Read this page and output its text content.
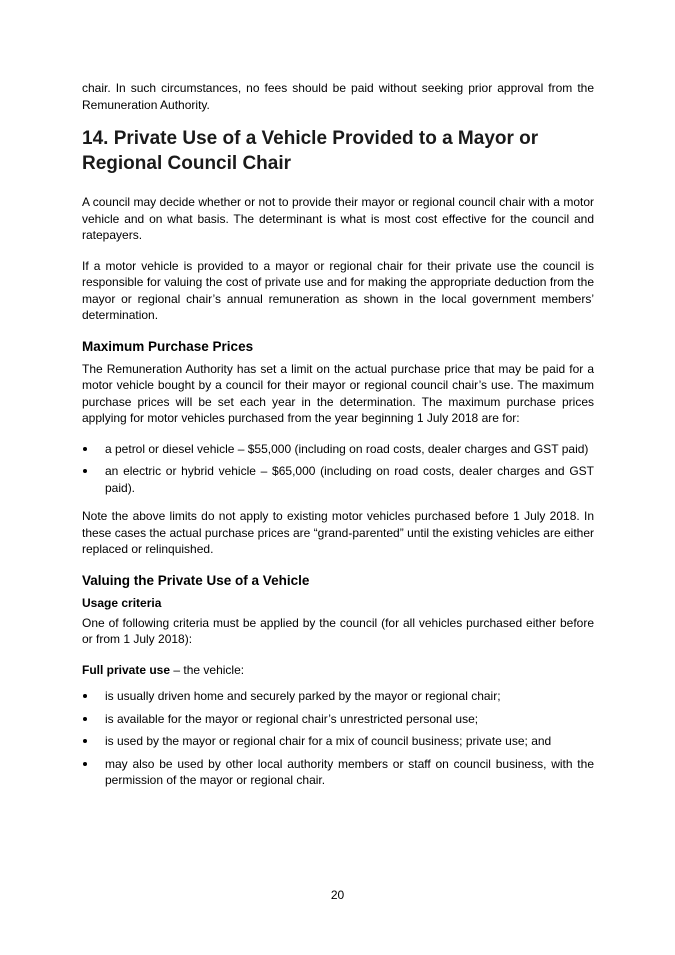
chair. In such circumstances, no fees should be paid without seeking prior approval from the Remuneration Authority.

14. Private Use of a Vehicle Provided to a Mayor or Regional Council Chair

A council may decide whether or not to provide their mayor or regional council chair with a motor vehicle and on what basis. The determinant is what is most cost effective for the council and ratepayers.

If a motor vehicle is provided to a mayor or regional chair for their private use the council is responsible for valuing the cost of private use and for making the appropriate deduction from the mayor or regional chair’s annual remuneration as shown in the local government members’ determination.

Maximum Purchase Prices

The Remuneration Authority has set a limit on the actual purchase price that may be paid for a motor vehicle bought by a council for their mayor or regional council chair’s use. The maximum purchase prices will be set each year in the determination. The maximum purchase prices applying for motor vehicles purchased from the year beginning 1 July 2018 are for:

a petrol or diesel vehicle – $55,000 (including on road costs, dealer charges and GST paid)
an electric or hybrid vehicle – $65,000 (including on road costs, dealer charges and GST paid).

Note the above limits do not apply to existing motor vehicles purchased before 1 July 2018. In these cases the actual purchase prices are “grand-parented” until the existing vehicles are either replaced or relinquished.

Valuing the Private Use of a Vehicle
Usage criteria

One of following criteria must be applied by the council (for all vehicles purchased either before or from 1 July 2018):

Full private use – the vehicle:

is usually driven home and securely parked by the mayor or regional chair;
is available for the mayor or regional chair’s unrestricted personal use;
is used by the mayor or regional chair for a mix of council business; private use; and
may also be used by other local authority members or staff on council business, with the permission of the mayor or regional chair.
20
